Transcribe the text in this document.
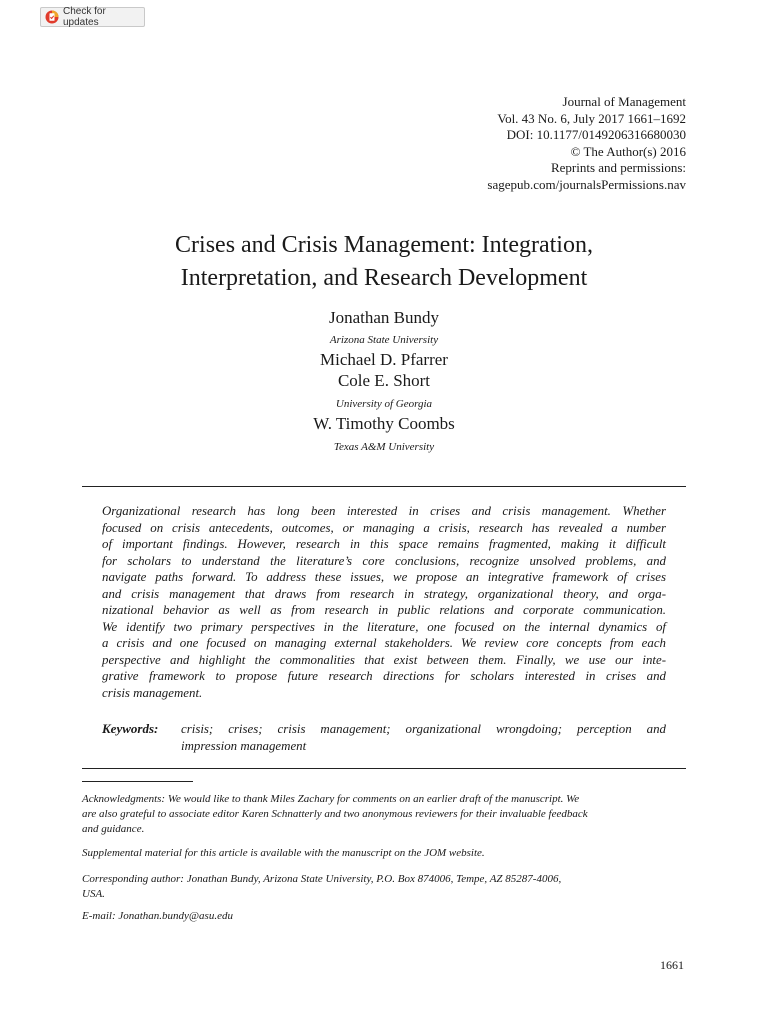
Check for updates
Journal of Management
Vol. 43 No. 6, July 2017 1661–1692
DOI: 10.1177/0149206316680030
© The Author(s) 2016
Reprints and permissions:
sagepub.com/journalsPermissions.nav
Crises and Crisis Management: Integration,
Interpretation, and Research Development
Jonathan Bundy
Arizona State University
Michael D. Pfarrer
Cole E. Short
University of Georgia
W. Timothy Coombs
Texas A&M University
Organizational research has long been interested in crises and crisis management. Whether
focused on crisis antecedents, outcomes, or managing a crisis, research has revealed a number
of important findings. However, research in this space remains fragmented, making it difficult
for scholars to understand the literature’s core conclusions, recognize unsolved problems, and
navigate paths forward. To address these issues, we propose an integrative framework of crises
and crisis management that draws from research in strategy, organizational theory, and orga-
nizational behavior as well as from research in public relations and corporate communication.
We identify two primary perspectives in the literature, one focused on the internal dynamics of
a crisis and one focused on managing external stakeholders. We review core concepts from each
perspective and highlight the commonalities that exist between them. Finally, we use our inte-
grative framework to propose future research directions for scholars interested in crises and
crisis management.
Keywords: crisis; crises; crisis management; organizational wrongdoing; perception and
impression management
Acknowledgments: We would like to thank Miles Zachary for comments on an earlier draft of the manuscript. We
are also grateful to associate editor Karen Schnatterly and two anonymous reviewers for their invaluable feedback
and guidance.
Supplemental material for this article is available with the manuscript on the JOM website.
Corresponding author: Jonathan Bundy, Arizona State University, P.O. Box 874006, Tempe, AZ 85287-4006,
USA.
E-mail: Jonathan.bundy@asu.edu
1661
